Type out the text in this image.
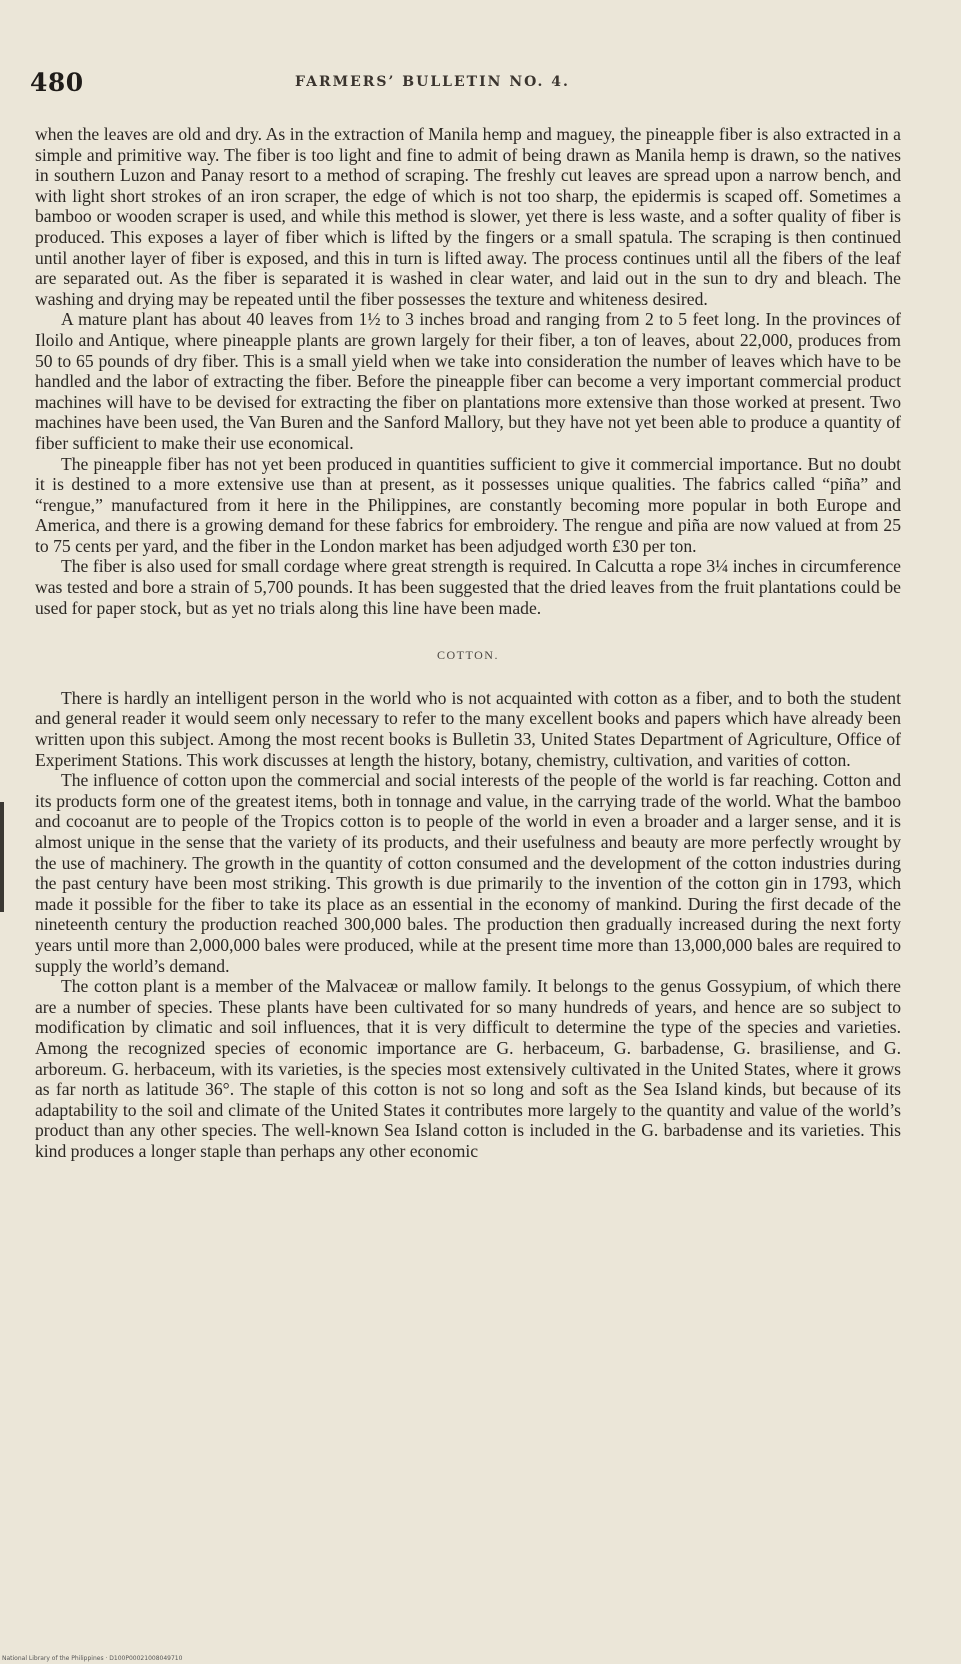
480	FARMERS’ BULLETIN NO. 4.

when the leaves are old and dry. As in the extraction of Manila hemp and maguey, the pineapple fiber is also extracted in a simple and primitive way. The fiber is too light and fine to admit of being drawn as Manila hemp is drawn, so the natives in southern Luzon and Panay resort to a method of scraping. The freshly cut leaves are spread upon a narrow bench, and with light short strokes of an iron scraper, the edge of which is not too sharp, the epidermis is scaped off. Sometimes a bamboo or wooden scraper is used, and while this method is slower, yet there is less waste, and a softer quality of fiber is produced. This exposes a layer of fiber which is lifted by the fingers or a small spatula. The scraping is then continued until another layer of fiber is exposed, and this in turn is lifted away. The process continues until all the fibers of the leaf are separated out. As the fiber is separated it is washed in clear water, and laid out in the sun to dry and bleach. The washing and drying may be repeated until the fiber possesses the texture and whiteness desired.

A mature plant has about 40 leaves from 1½ to 3 inches broad and ranging from 2 to 5 feet long. In the provinces of Iloilo and Antique, where pineapple plants are grown largely for their fiber, a ton of leaves, about 22,000, produces from 50 to 65 pounds of dry fiber. This is a small yield when we take into consideration the number of leaves which have to be handled and the labor of extracting the fiber. Before the pineapple fiber can become a very important commercial product machines will have to be devised for extracting the fiber on plantations more extensive than those worked at present. Two machines have been used, the Van Buren and the Sanford Mallory, but they have not yet been able to produce a quantity of fiber sufficient to make their use economical.

The pineapple fiber has not yet been produced in quantities sufficient to give it commercial importance. But no doubt it is destined to a more extensive use than at present, as it possesses unique qualities. The fabrics called “piña” and “rengue,” manufactured from it here in the Philippines, are constantly becoming more popular in both Europe and America, and there is a growing demand for these fabrics for embroidery. The rengue and piña are now valued at from 25 to 75 cents per yard, and the fiber in the London market has been adjudged worth £30 per ton.

The fiber is also used for small cordage where great strength is required. In Calcutta a rope 3¼ inches in circumference was tested and bore a strain of 5,700 pounds. It has been suggested that the dried leaves from the fruit plantations could be used for paper stock, but as yet no trials along this line have been made.

COTTON.

There is hardly an intelligent person in the world who is not acquainted with cotton as a fiber, and to both the student and general reader it would seem only necessary to refer to the many excellent books and papers which have already been written upon this subject. Among the most recent books is Bulletin 33, United States Department of Agriculture, Office of Experiment Stations. This work discusses at length the history, botany, chemistry, cultivation, and varities of cotton.

The influence of cotton upon the commercial and social interests of the people of the world is far reaching. Cotton and its products form one of the greatest items, both in tonnage and value, in the carrying trade of the world. What the bamboo and cocoanut are to people of the Tropics cotton is to people of the world in even a broader and a larger sense, and it is almost unique in the sense that the variety of its products, and their usefulness and beauty are more perfectly wrought by the use of machinery. The growth in the quantity of cotton consumed and the development of the cotton industries during the past century have been most striking. This growth is due primarily to the invention of the cotton gin in 1793, which made it possible for the fiber to take its place as an essential in the economy of mankind. During the first decade of the nineteenth century the production reached 300,000 bales. The production then gradually increased during the next forty years until more than 2,000,000 bales were produced, while at the present time more than 13,000,000 bales are required to supply the world’s demand.

The cotton plant is a member of the Malvaceæ or mallow family. It belongs to the genus Gossypium, of which there are a number of species. These plants have been cultivated for so many hundreds of years, and hence are so subject to modification by climatic and soil influences, that it is very difficult to determine the type of the species and varieties. Among the recognized species of economic importance are G. herbaceum, G. barbadense, G. brasiliense, and G. arboreum. G. herbaceum, with its varieties, is the species most extensively cultivated in the United States, where it grows as far north as latitude 36°. The staple of this cotton is not so long and soft as the Sea Island kinds, but because of its adaptability to the soil and climate of the United States it contributes more largely to the quantity and value of the world’s product than any other species. The well-known Sea Island cotton is included in the G. barbadense and its varieties. This kind produces a longer staple than perhaps any other economic

National Library of the Philippines · D100P00021008049710
